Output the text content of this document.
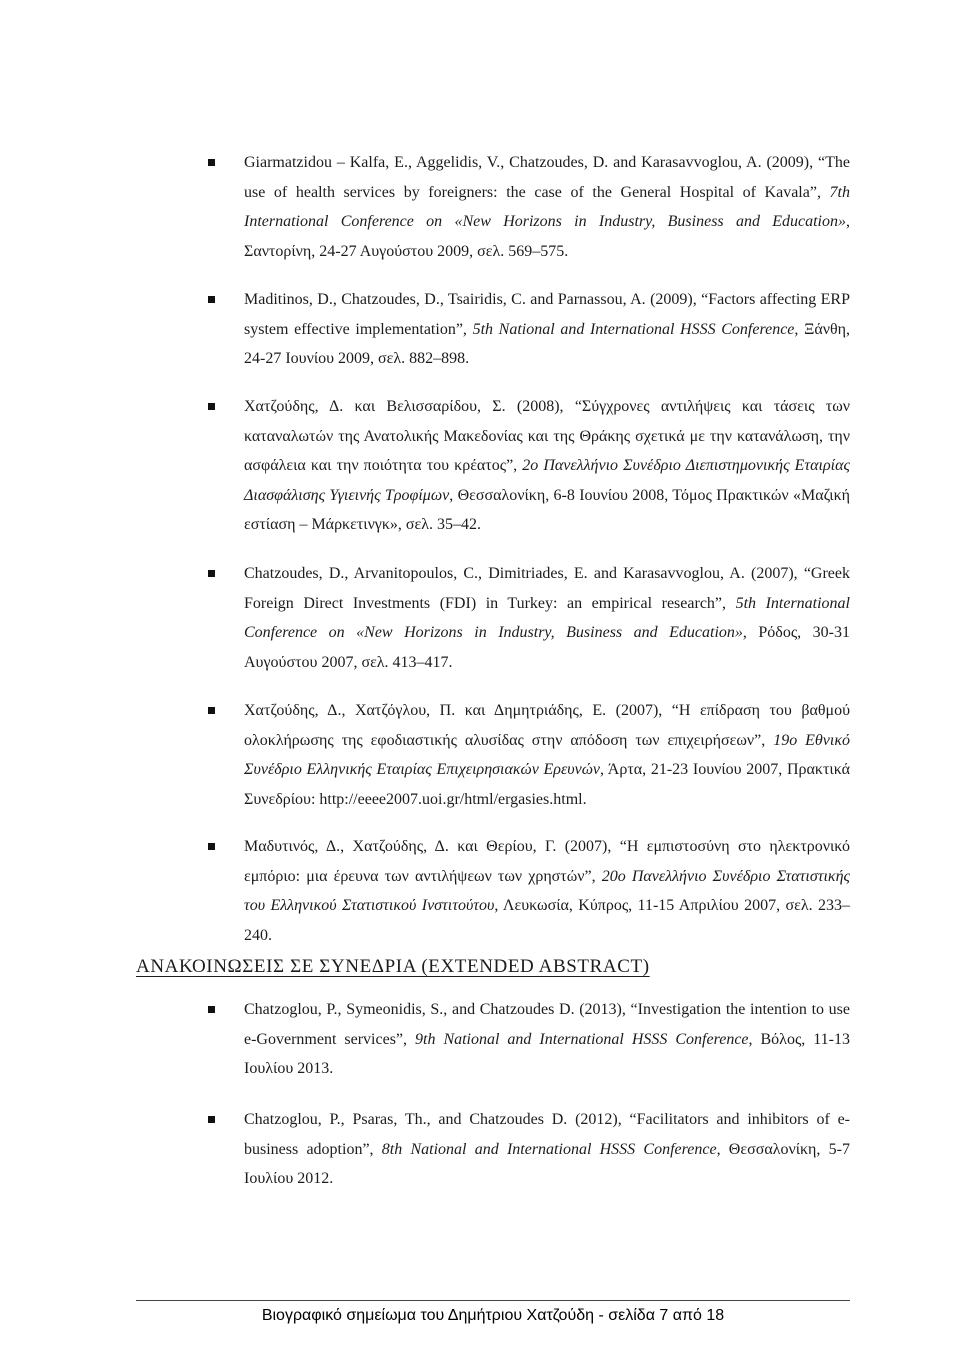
Giarmatzidou – Kalfa, E., Aggelidis, V., Chatzoudes, D. and Karasavvoglou, A. (2009), “The use of health services by foreigners: the case of the General Hospital of Kavala”, 7th International Conference on «New Horizons in Industry, Business and Education», Σαντορίνη, 24-27 Αυγούστου 2009, σελ. 569–575.
Maditinos, D., Chatzoudes, D., Tsairidis, C. and Parnassou, A. (2009), “Factors affecting ERP system effective implementation”, 5th National and International HSSS Conference, Ξάνθη, 24-27 Ιουνίου 2009, σελ. 882–898.
Χατζούδης, Δ. και Βελισσαρίδου, Σ. (2008), “Σύγχρονες αντιλήψεις και τάσεις των καταναλωτών της Ανατολικής Μακεδονίας και της Θράκης σχετικά με την κατανάλωση, την ασφάλεια και την ποιότητα του κρέατος”, 2o Πανελλήνιο Συνέδριο Διεπιστημονικής Εταιρίας Διασφάλισης Υγιεινής Τροφίμων, Θεσσαλονίκη, 6-8 Ιουνίου 2008, Τόμος Πρακτικών «Μαζική εστίαση – Μάρκετινγκ», σελ. 35–42.
Chatzoudes, D., Arvanitopoulos, C., Dimitriades, E. and Karasavvoglou, A. (2007), “Greek Foreign Direct Investments (FDI) in Turkey: an empirical research”, 5th International Conference on «New Horizons in Industry, Business and Education», Ρόδος, 30-31 Αυγούστου 2007, σελ. 413–417.
Χατζούδης, Δ., Χατζόγλου, Π. και Δημητριάδης, Ε. (2007), “Η επίδραση του βαθμού ολοκλήρωσης της εφοδιαστικής αλυσίδας στην απόδοση των επιχειρήσεων”, 19o Εθνικό Συνέδριο Ελληνικής Εταιρίας Επιχειρησιακών Ερευνών, Άρτα, 21-23 Ιουνίου 2007, Πρακτικά Συνεδρίου: http://eeee2007.uoi.gr/html/ergasies.html.
Μαδυτινός, Δ., Χατζούδης, Δ. και Θερίου, Γ. (2007), “Η εμπιστοσύνη στο ηλεκτρονικό εμπόριο: μια έρευνα των αντιλήψεων των χρηστών”, 20o Πανελλήνιο Συνέδριο Στατιστικής του Ελληνικού Στατιστικού Ινστιτούτου, Λευκωσία, Κύπρος, 11-15 Απριλίου 2007, σελ. 233–240.
ΑΝΑΚΟΙΝΩΣΕΙΣ ΣΕ ΣΥΝΕΔΡΙΑ (EXTENDED ABSTRACT)
Chatzoglou, P., Symeonidis, S., and Chatzoudes D. (2013), “Investigation the intention to use e-Government services”, 9th National and International HSSS Conference, Βόλος, 11-13 Ιουλίου 2013.
Chatzoglou, P., Psaras, Th., and Chatzoudes D. (2012), “Facilitators and inhibitors of e-business adoption”, 8th National and International HSSS Conference, Θεσσαλονίκη, 5-7 Ιουλίου 2012.
Βιογραφικό σημείωμα του Δημήτριου Χατζούδη - σελίδα 7 από 18
